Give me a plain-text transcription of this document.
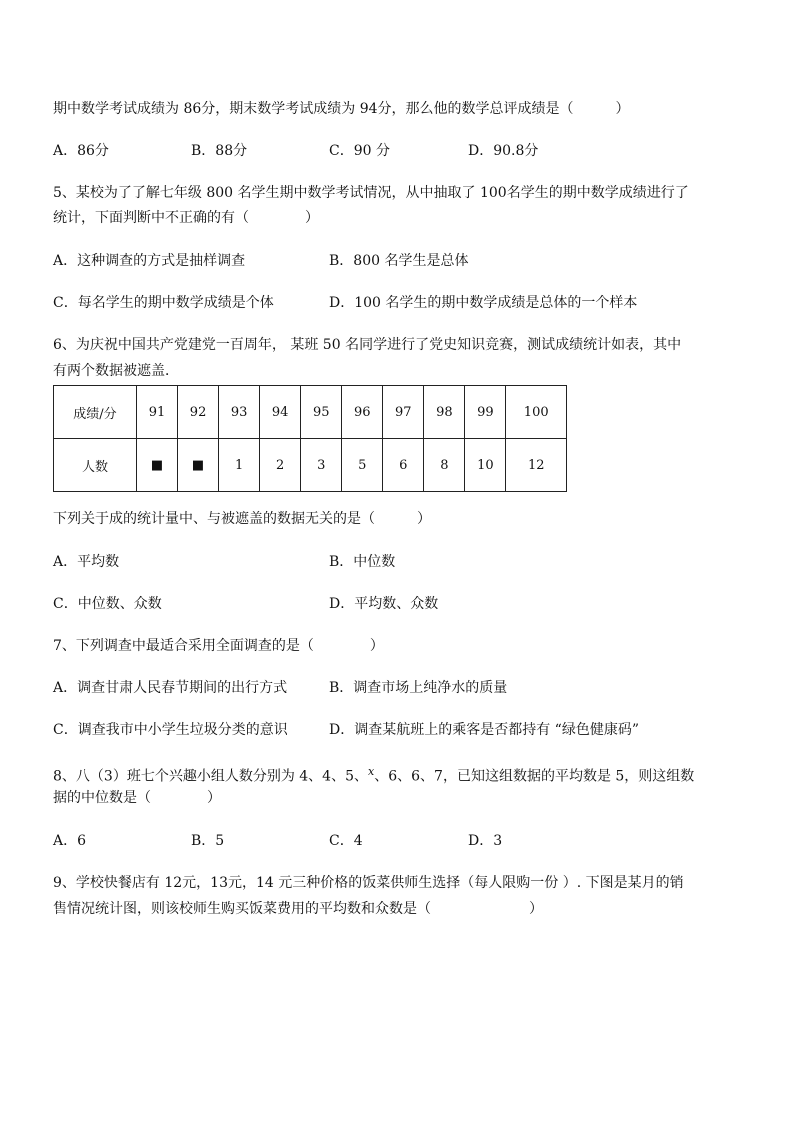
期中数学考试成绩为 86分，期末数学考试成绩为 94分，那么他的数学总评成绩是（　　　）
A．86分	B．88分	C．90 分	D．90.8分
5、某校为了了解七年级 800 名学生期中数学考试情况，从中抽取了 100名学生的期中数学成绩进行了
统计，下面判断中不正确的有（　　　　）
A．这种调查的方式是抽样调查	B．800 名学生是总体
C．每名学生的期中数学成绩是个体	D．100 名学生的期中数学成绩是总体的一个样本
6、为庆祝中国共产党建党一百周年， 某班 50 名同学进行了党史知识竞赛，测试成绩统计如表，其中
有两个数据被遮盖．
成绩/分	91	92	93	94	95	96	97	98	99	100
人数	■	■	1	2	3	5	6	8	10	12
下列关于成的统计量中、与被遮盖的数据无关的是（　　　）
A．平均数	B．中位数
C．中位数、众数	D．平均数、众数
7、下列调查中最适合采用全面调查的是（　　　　）
A．调查甘肃人民春节期间的出行方式	B．调查市场上纯净水的质量
C．调查我市中小学生垃圾分类的意识	D．调查某航班上的乘客是否都持有 “绿色健康码”
8、八（3）班七个兴趣小组人数分别为 4、4、5、$^x$、6、6、7，已知这组数据的平均数是 5，则这组数
据的中位数是（　　　　）
A．6	B．5	C．4	D．3
9、学校快餐店有 12元，13元，14 元三种价格的饭菜供师生选择（每人限购一份 ）. 下图是某月的销
售情况统计图，则该校师生购买饭菜费用的平均数和众数是（　　　　　　　）
